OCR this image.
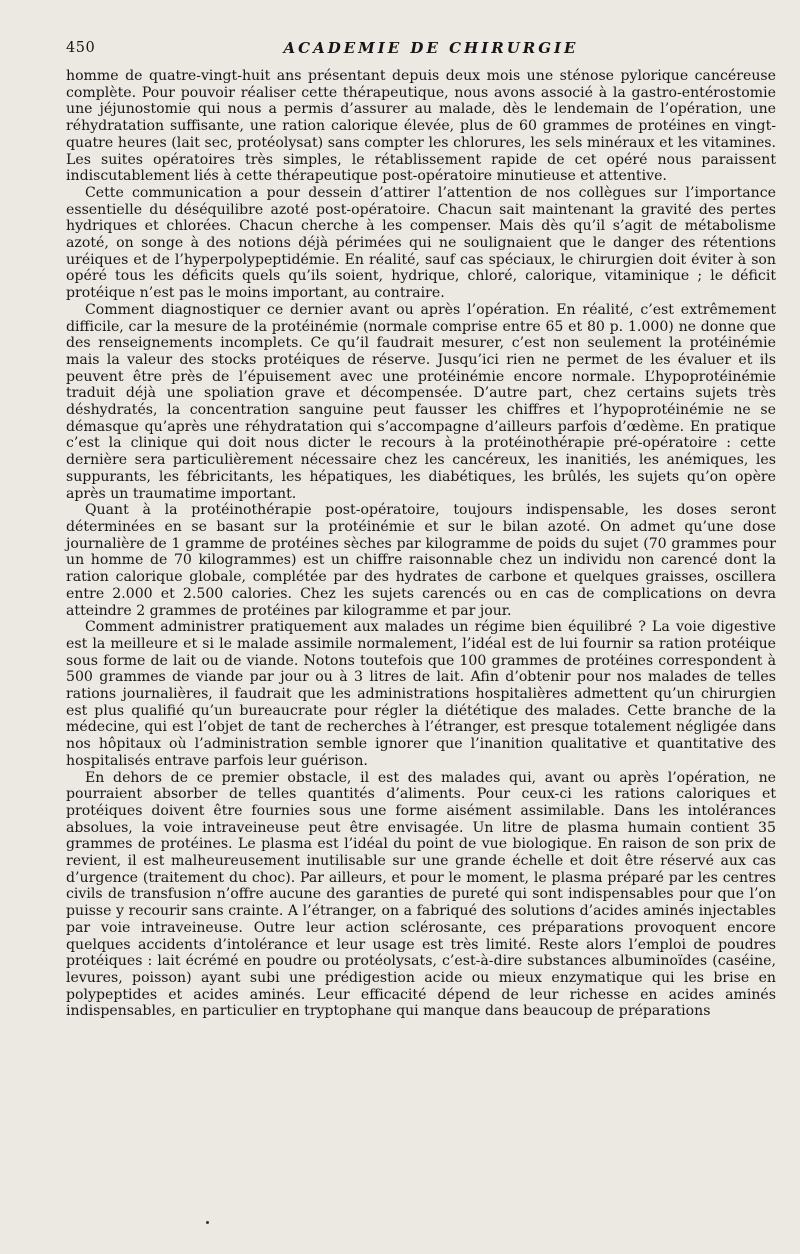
450	ACADEMIE DE CHIRURGIE

homme de quatre-vingt-huit ans présentant depuis deux mois une sténose pylorique cancéreuse complète. Pour pouvoir réaliser cette thérapeutique, nous avons associé à la gastro-entérostomie une jéjunostomie qui nous a permis d’assurer au malade, dès le lendemain de l’opération, une réhydratation suffisante, une ration calorique élevée, plus de 60 grammes de protéines en vingt-quatre heures (lait sec, protéolysat) sans compter les chlorures, les sels minéraux et les vitamines. Les suites opératoires très simples, le rétablissement rapide de cet opéré nous paraissent indiscutablement liés à cette thérapeutique post-opératoire minutieuse et attentive.

Cette communication a pour dessein d’attirer l’attention de nos collègues sur l’importance essentielle du déséquilibre azoté post-opératoire. Chacun sait maintenant la gravité des pertes hydriques et chlorées. Chacun cherche à les compenser. Mais dès qu’il s’agit de métabolisme azoté, on songe à des notions déjà périmées qui ne soulignaient que le danger des rétentions uréiques et de l’hyperpolypeptidémie. En réalité, sauf cas spéciaux, le chirurgien doit éviter à son opéré tous les déficits quels qu’ils soient, hydrique, chloré, calorique, vitaminique ; le déficit protéique n’est pas le moins important, au contraire.

Comment diagnostiquer ce dernier avant ou après l’opération. En réalité, c’est extrêmement difficile, car la mesure de la protéinémie (normale comprise entre 65 et 80 p. 1.000) ne donne que des renseignements incomplets. Ce qu’il faudrait mesurer, c’est non seulement la protéinémie mais la valeur des stocks protéiques de réserve. Jusqu’ici rien ne permet de les évaluer et ils peuvent être près de l’épuisement avec une protéinémie encore normale. L’hypoprotéinémie traduit déjà une spoliation grave et décompensée. D’autre part, chez certains sujets très déshydratés, la concentration sanguine peut fausser les chiffres et l’hypoprotéinémie ne se démasque qu’après une réhydratation qui s’accompagne d’ailleurs parfois d’œdème. En pratique c’est la clinique qui doit nous dicter le recours à la protéinothérapie pré-opératoire : cette dernière sera particulièrement nécessaire chez les cancéreux, les inanitiés, les anémiques, les suppurants, les fébricitants, les hépatiques, les diabétiques, les brûlés, les sujets qu’on opère après un traumatime important.

Quant à la protéinothérapie post-opératoire, toujours indispensable, les doses seront déterminées en se basant sur la protéinémie et sur le bilan azoté. On admet qu’une dose journalière de 1 gramme de protéines sèches par kilogramme de poids du sujet (70 grammes pour un homme de 70 kilogrammes) est un chiffre raisonnable chez un individu non carencé dont la ration calorique globale, complétée par des hydrates de carbone et quelques graisses, oscillera entre 2.000 et 2.500 calories. Chez les sujets carencés ou en cas de complications on devra atteindre 2 grammes de protéines par kilogramme et par jour.

Comment administrer pratiquement aux malades un régime bien équilibré ? La voie digestive est la meilleure et si le malade assimile normalement, l’idéal est de lui fournir sa ration protéique sous forme de lait ou de viande. Notons toutefois que 100 grammes de protéines correspondent à 500 grammes de viande par jour ou à 3 litres de lait. Afin d’obtenir pour nos malades de telles rations journalières, il faudrait que les administrations hospitalières admettent qu’un chirurgien est plus qualifié qu’un bureaucrate pour régler la diététique des malades. Cette branche de la médecine, qui est l’objet de tant de recherches à l’étranger, est presque totalement négligée dans nos hôpitaux où l’administration semble ignorer que l’inanition qualitative et quantitative des hospitalisés entrave parfois leur guérison.

En dehors de ce premier obstacle, il est des malades qui, avant ou après l’opération, ne pourraient absorber de telles quantités d’aliments. Pour ceux-ci les rations caloriques et protéiques doivent être fournies sous une forme aisément assimilable. Dans les intolérances absolues, la voie intraveineuse peut être envisagée. Un litre de plasma humain contient 35 grammes de protéines. Le plasma est l’idéal du point de vue biologique. En raison de son prix de revient, il est malheureusement inutilisable sur une grande échelle et doit être réservé aux cas d’urgence (traitement du choc). Par ailleurs, et pour le moment, le plasma préparé par les centres civils de transfusion n’offre aucune des garanties de pureté qui sont indispensables pour que l’on puisse y recourir sans crainte. A l’étranger, on a fabriqué des solutions d’acides aminés injectables par voie intraveineuse. Outre leur action sclérosante, ces préparations provoquent encore quelques accidents d’intolérance et leur usage est très limité. Reste alors l’emploi de poudres protéiques : lait écrémé en poudre ou protéolysats, c’est-à-dire substances albuminoïdes (caséine, levures, poisson) ayant subi une prédigestion acide ou mieux enzymatique qui les brise en polypeptides et acides aminés. Leur efficacité dépend de leur richesse en acides aminés indispensables, en particulier en tryptophane qui manque dans beaucoup de préparations
